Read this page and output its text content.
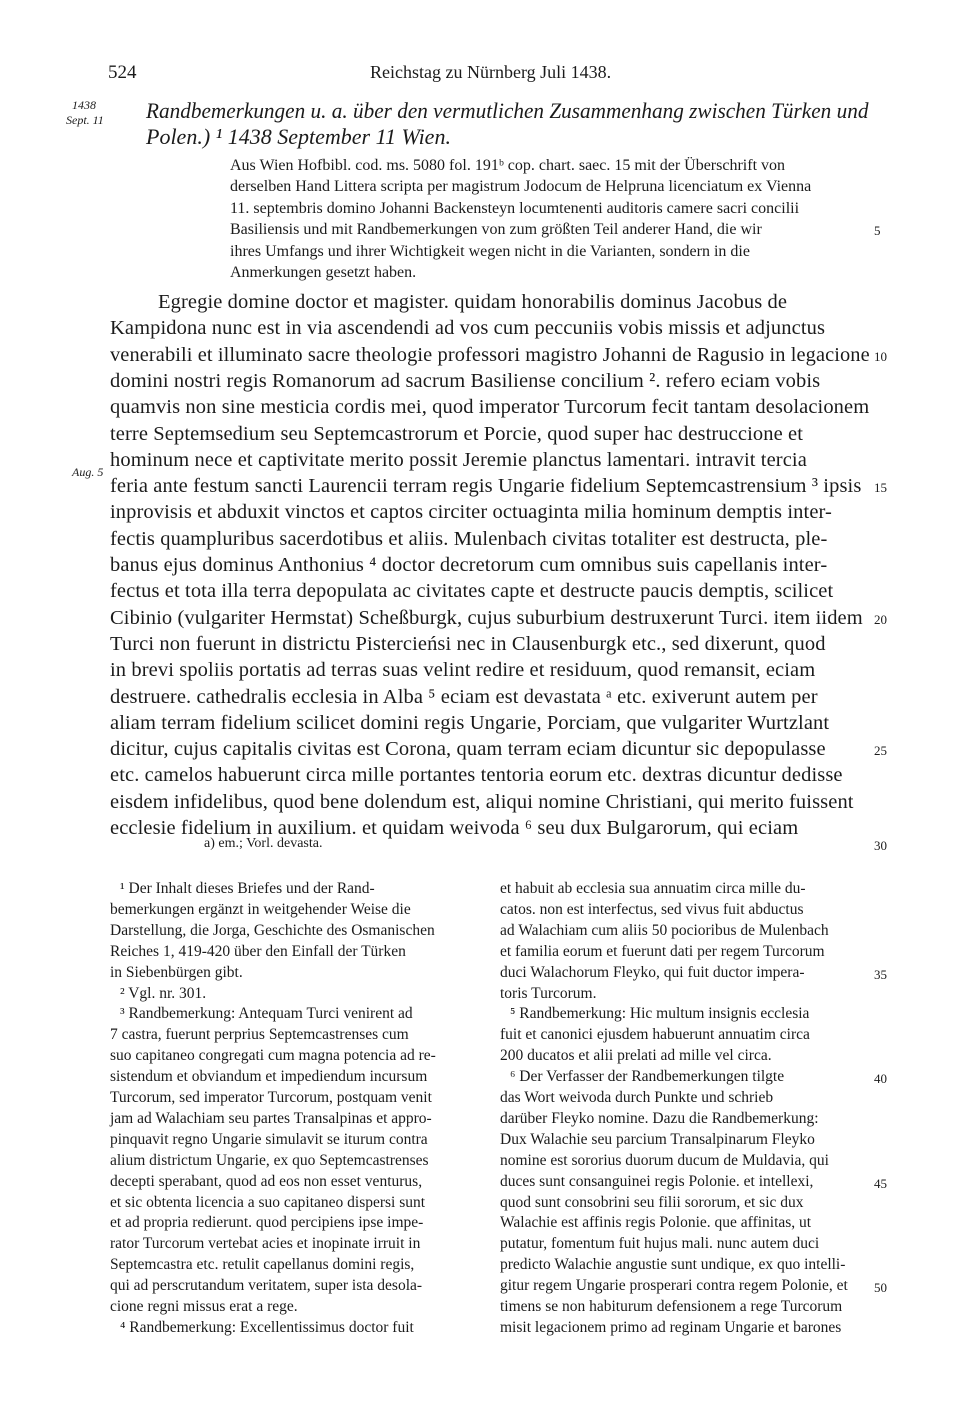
524	Reichstag zu Nürnberg Juli 1438.
1438
Sept. 11 Randbemerkungen u. a. über den vermutlichen Zusammenhang zwischen Türken und
Polen.) ¹ 1438 September 11 Wien.
Aus Wien Hofbibl. cod. ms. 5080 fol. 191ᵇ cop. chart. saec. 15 mit der Überschrift von
derselben Hand Littera scripta per magistrum Jodocum de Helpruna licenciatum ex Vienna
11. septembris domino Johanni Backensteyn locumtenenti auditoris camere sacri concilii
Basiliensis und mit Randbemerkungen von zum größten Teil anderer Hand, die wir
ihres Umfangs und ihrer Wichtigkeit wegen nicht in die Varianten, sondern in die
Anmerkungen gesetzt haben.
5
Egregie domine doctor et magister. quidam honorabilis dominus Jacobus de
Kampidona nunc est in via ascendendi ad vos cum peccuniis vobis missis et adjunctus
venerabili et illuminato sacre theologie professori magistro Johanni de Ragusio in legacione
domini nostri regis Romanorum ad sacrum Basiliense concilium ². refero eciam vobis
quamvis non sine mesticia cordis mei, quod imperator Turcorum fecit tantam desolacionem
terre Septemsedium seu Septemcastrorum et Porcie, quod super hac destruccione et
hominum nece et captivitate merito possit Jeremie planctus lamentari. intravit tercia
feria ante festum sancti Laurencii terram regis Ungarie fidelium Septemcastrensium ³ ipsis
inprovisis et abduxit vinctos et captos circiter octuaginta milia hominum demptis inter-
fectis quampluribus sacerdotibus et aliis. Mulenbach civitas totaliter est destructa, ple-
banus ejus dominus Anthonius ⁴ doctor decretorum cum omnibus suis capellanis inter-
fectus et tota illa terra depopulata ac civitates capte et destructe paucis demptis, scilicet
Cibinio (vulgariter Hermstat) Scheßburgk, cujus suburbium destruxerunt Turci. item iidem
Turci non fuerunt in districtu Pistercieńsi nec in Clausenburgk etc., sed dixerunt, quod
in brevi spoliis portatis ad terras suas velint redire et residuum, quod remansit, eciam
destruere. cathedralis ecclesia in Alba ⁵ eciam est devastata ᵃ etc. exiverunt autem per
aliam terram fidelium scilicet domini regis Ungarie, Porciam, que vulgariter Wurtzlant
dicitur, cujus capitalis civitas est Corona, quam terram eciam dicuntur sic depopulasse
etc. camelos habuerunt circa mille portantes tentoria eorum etc. dextras dicuntur dedisse
eisdem infidelibus, quod bene dolendum est, aliqui nomine Christiani, qui merito fuissent
ecclesie fidelium in auxilium. et quidam weivoda ⁶ seu dux Bulgarorum, qui eciam
10
15
20
25
Aug. 5
a) em.; Vorl. devasta.	30
¹ Der Inhalt dieses Briefes und der Rand-
bemerkungen ergänzt in weitgehender Weise die
Darstellung, die Jorga, Geschichte des Osmanischen
Reiches 1, 419-420 über den Einfall der Türken
in Siebenbürgen gibt.
² Vgl. nr. 301.
³ Randbemerkung: Antequam Turci venirent ad
7 castra, fuerunt perprius Septemcastrenses cum
suo capitaneo congregati cum magna potencia ad re-
sistendum et obviandum et impediendum incursum
Turcorum, sed imperator Turcorum, postquam venit
jam ad Walachiam seu partes Transalpinas et appro-
pinquavit regno Ungarie simulavit se iturum contra
alium districtum Ungarie, ex quo Septemcastrenses
decepti sperabant, quod ad eos non esset venturus,
et sic obtenta licencia a suo capitaneo dispersi sunt
et ad propria redierunt. quod percipiens ipse impe-
rator Turcorum vertebat acies et inopinate irruit in
Septemcastra etc. retulit capellanus domini regis,
qui ad perscrutandum veritatem, super ista desola-
cione regni missus erat a rege.
⁴ Randbemerkung: Excellentissimus doctor fuit
et habuit ab ecclesia sua annuatim circa mille du-
catos. non est interfectus, sed vivus fuit abductus
ad Walachiam cum aliis 50 pocioribus de Mulenbach
et familia eorum et fuerunt dati per regem Turcorum
duci Walachorum Fleyko, qui fuit ductor impera-
toris Turcorum.
⁵ Randbemerkung: Hic multum insignis ecclesia
fuit et canonici ejusdem habuerunt annuatim circa
200 ducatos et alii prelati ad mille vel circa.
⁶ Der Verfasser der Randbemerkungen tilgte
das Wort weivoda durch Punkte und schrieb
darüber Fleyko nomine. Dazu die Randbemerkung:
Dux Walachie seu parcium Transalpinarum Fleyko
nomine est sororius duorum ducum de Muldavia, qui
duces sunt consanguinei regis Polonie. et intellexi,
quod sunt consobrini seu filii sororum, et sic dux
Walachie est affinis regis Polonie. que affinitas, ut
putatur, fomentum fuit hujus mali. nunc autem duci
predicto Walachie angustie sunt undique, ex quo intelli-
gitur regem Ungarie prosperari contra regem Polonie, et
timens se non habiturum defensionem a rege Turcorum
misit legacionem primo ad reginam Ungarie et barones
35
40
45
50
